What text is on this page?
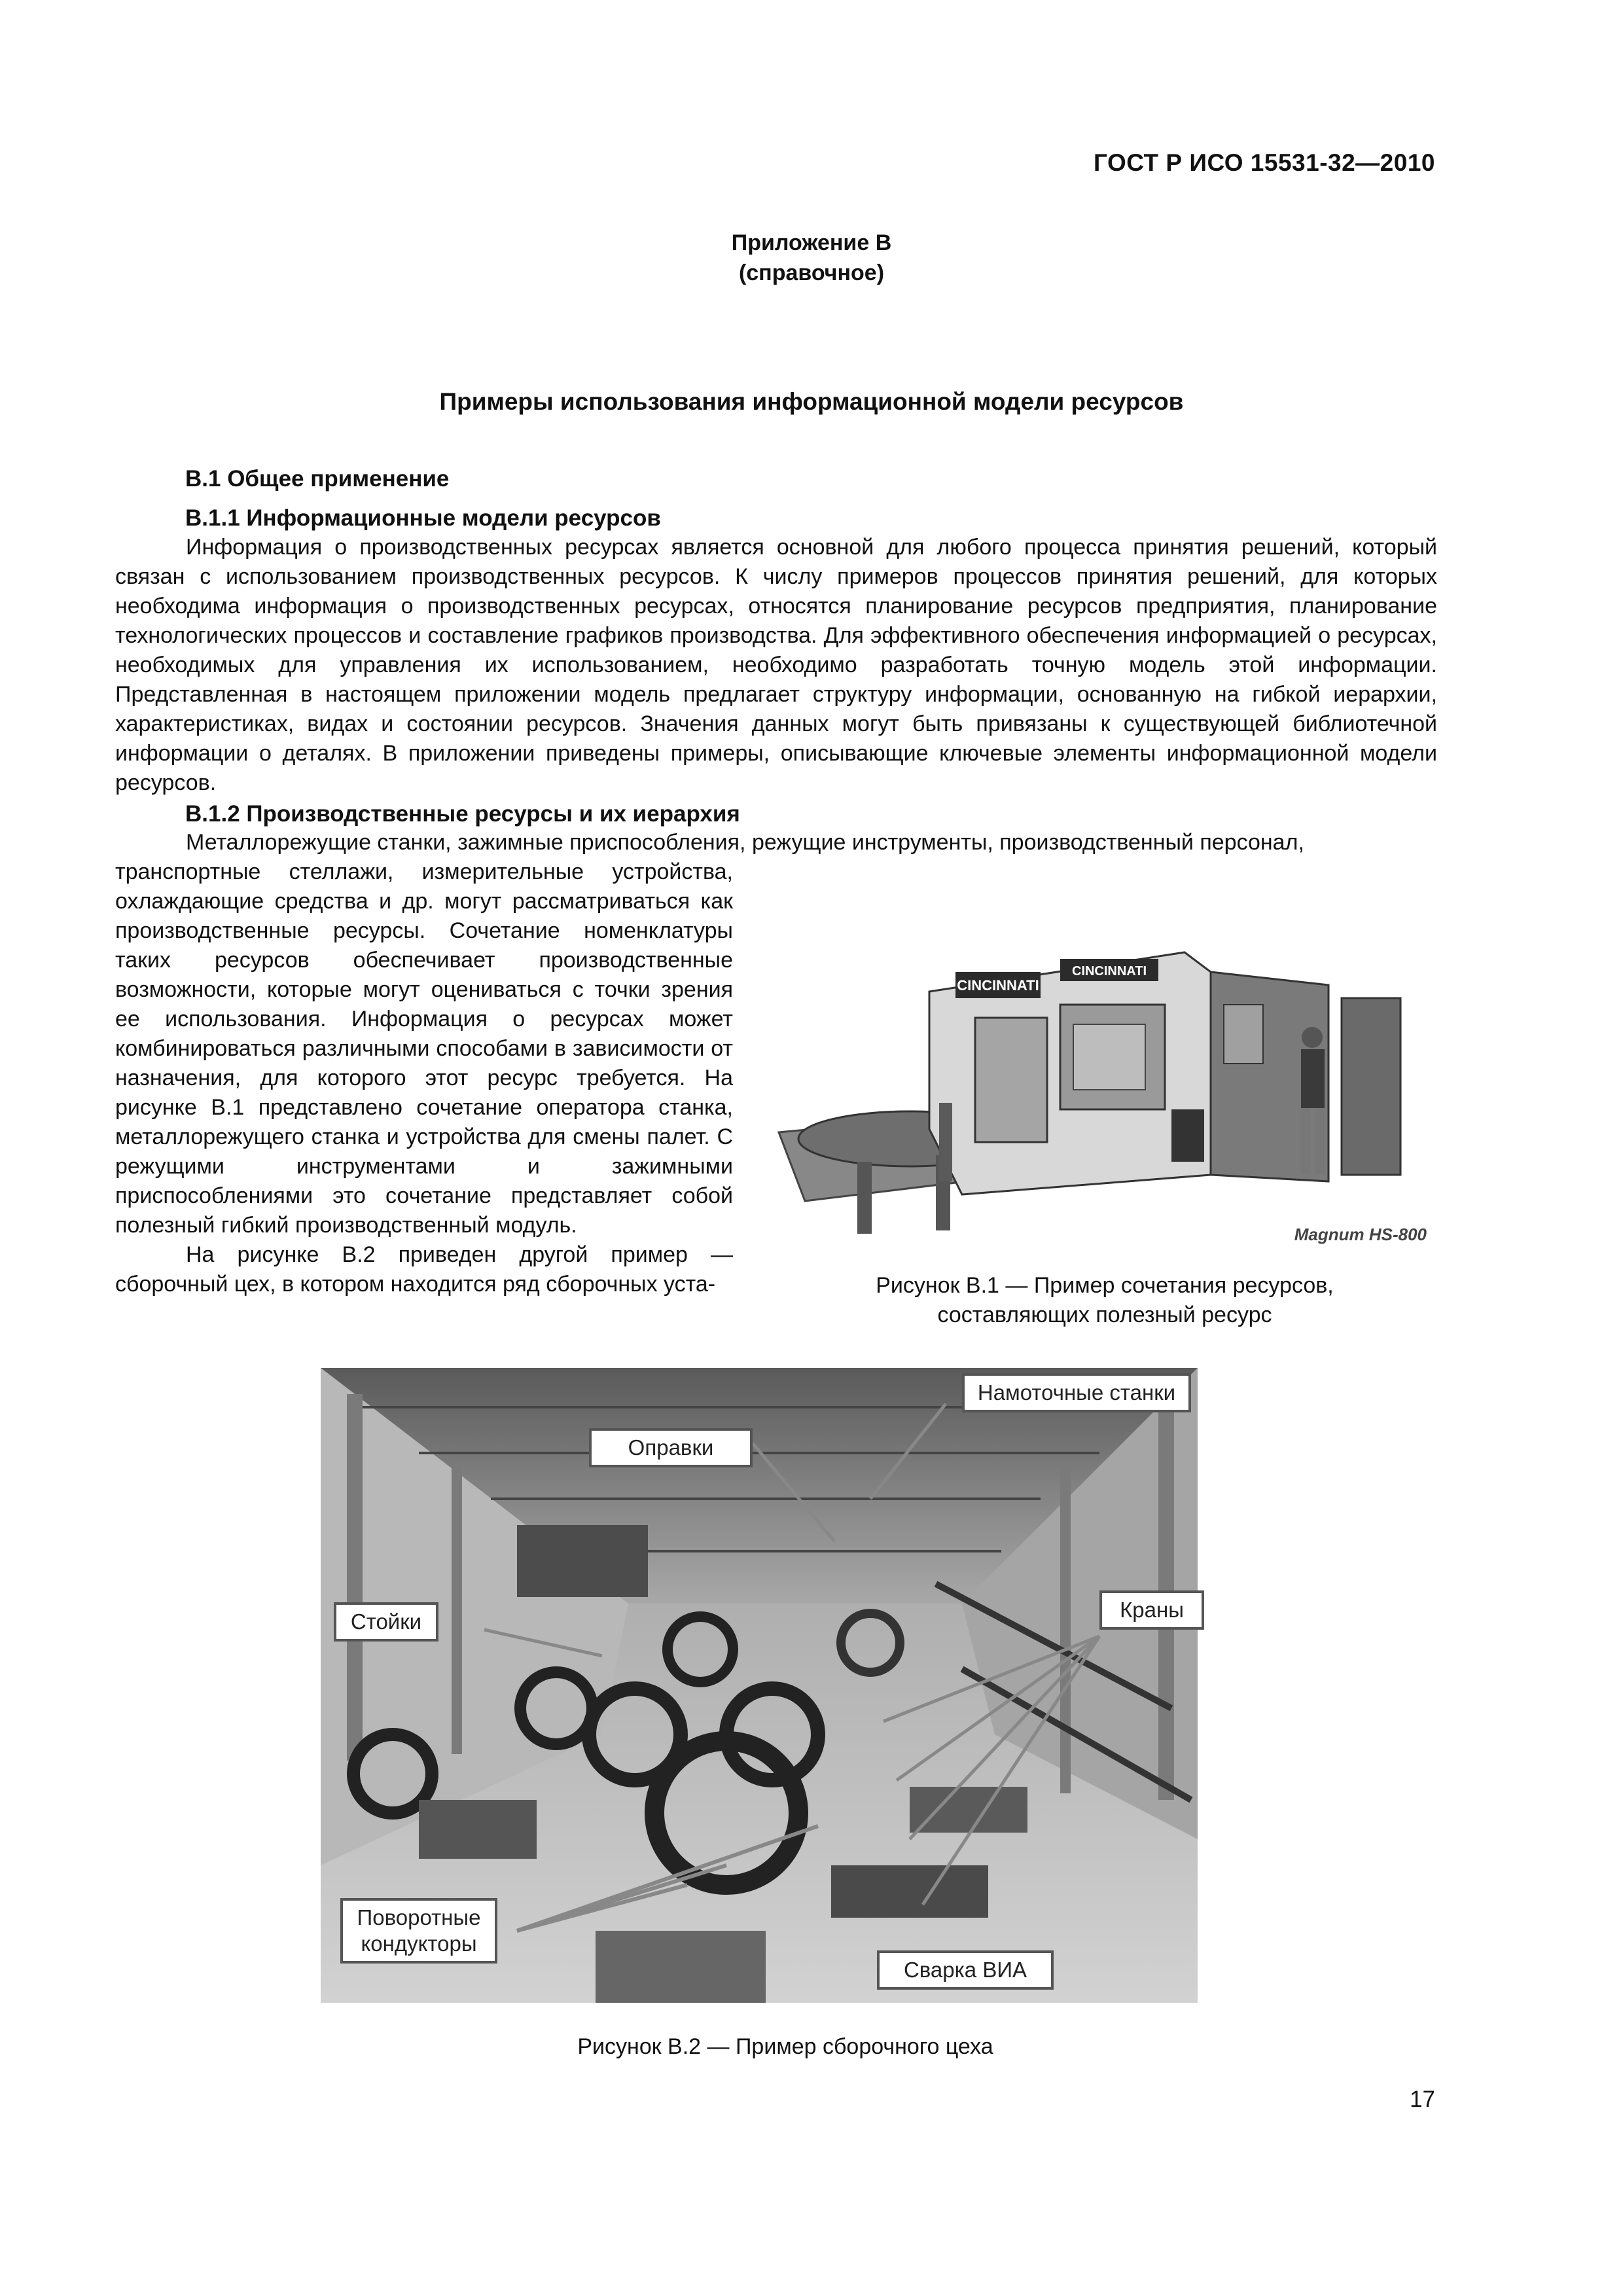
ГОСТ Р ИСО 15531-32—2010
Приложение В
(справочное)
Примеры использования информационной модели ресурсов
В.1 Общее применение
В.1.1 Информационные модели ресурсов

Информация о производственных ресурсах является основной для любого процесса принятия решений, который связан с использованием производственных ресурсов. К числу примеров процессов принятия решений, для которых необходима информация о производственных ресурсах, относятся планирование ресурсов предприятия, планирование технологических процессов и составление графиков производства. Для эффективного обеспечения информацией о ресурсах, необходимых для управления их использованием, необходимо разработать точную модель этой информации. Представленная в настоящем приложении модель предлагает структуру информации, основанную на гибкой иерархии, характеристиках, видах и состоянии ресурсов. Значения данных могут быть привязаны к существующей библиотечной информации о деталях. В приложении приведены примеры, описывающие ключевые элементы информационной модели ресурсов.

В.1.2 Производственные ресурсы и их иерархия

Металлорежущие станки, зажимные приспособления, режущие инструменты, производственный персонал,

транспортные стеллажи, измерительные устройства, охлаждающие средства и др. могут рассматриваться как производственные ресурсы. Сочетание номенклатуры таких ресурсов обеспечивает производственные возможности, которые могут оцениваться с точки зрения ее использования. Информация о ресурсах может комбинироваться различными способами в зависимости от назначения, для которого этот ресурс требуется. На рисунке В.1 представлено сочетание оператора станка, металлорежущего станка и устройства для смены палет. С режущими инструментами и зажимными приспособлениями это сочетание представляет собой полезный гибкий производственный модуль.

На рисунке В.2 приведен другой пример — сборочный цех, в котором находится ряд сборочных уста-

CINCINNATI
CINCINNATI
Magnum HS-800
Рисунок В.1 — Пример сочетания ресурсов,
составляющих полезный ресурс
Намоточные станки
Оправки
Стойки	Краны
Поворотные
кондукторы
Сварка ВИА
Рисунок В.2 — Пример сборочного цеха
17
